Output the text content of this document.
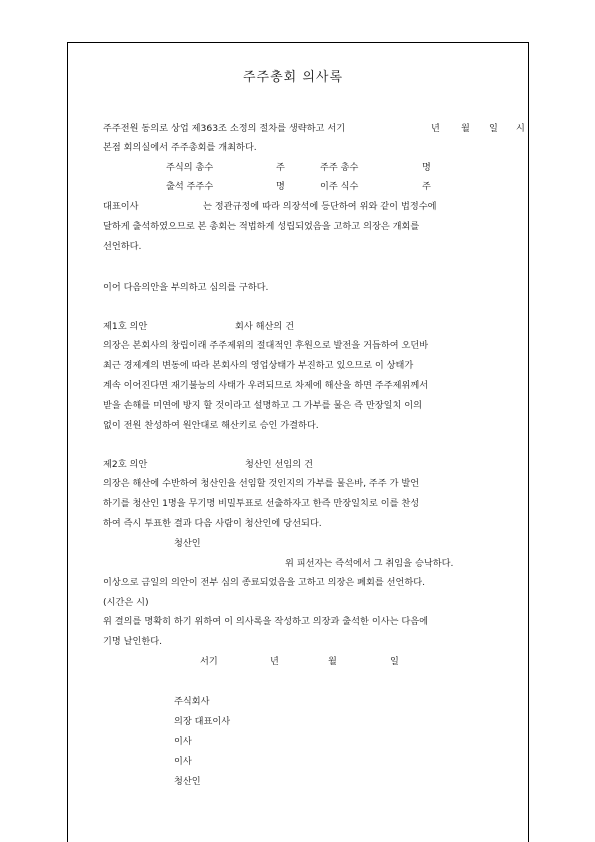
주주총회 의사록
주주전원 동의로 상업 제363조 소정의 절차를 생략하고 서기	년 월 일 시
본점 회의실에서 주주총회를 개최하다.
주식의 총수	주	주주 총수	명
출석 주주수	명	이주 식수	주
대표이사	는 정관규정에 따라 의장석에 등단하여 위와 같이 법정수에
달하게 출석하였으므로 본 총회는 적법하게 성립되었음을 고하고 의장은 개회를
선언하다.
이어 다음의안을 부의하고 심의를 구하다.
제1호 의안	회사 해산의 건
의장은 본회사의 창립이래 주주제위의 절대적인 후원으로 발전을 거듭하여 오던바
최근 경제계의 변동에 따라 본회사의 영업상태가 부진하고 있으므로 이 상태가
계속 이어진다면 재기불능의 사태가 우려되므로 차제에 해산을 하면 주주제위께서
받을 손해를 미연에 방지 할 것이라고 설명하고 그 가부를 물은 즉 만장일치 이의
없이 전원 찬성하여 원안대로 해산키로 승인 가결하다.
제2호 의안	청산인 선임의 건
의장은 해산에 수반하여 청산인을 선임할 것인지의 가부를 물은바, 주주 가 발언
하기를 청산인 1명을 무기명 비밀투표로 선출하자고 한즉 만장일치로 이를 찬성
하여 즉시 투표한 결과 다음 사람이 청산인에 당선되다.
청산인
위 피선자는 즉석에서 그 취임을 승낙하다.
이상으로 금일의 의안이 전부 심의 종료되었음을 고하고 의장은 폐회를 선언하다.
(시간은 시)
위 결의를 명확히 하기 위하여 이 의사록을 작성하고 의장과 출석한 이사는 다음에
기명 날인한다.
서기	년	월	일
주식회사
의장 대표이사
이사
이사
청산인
